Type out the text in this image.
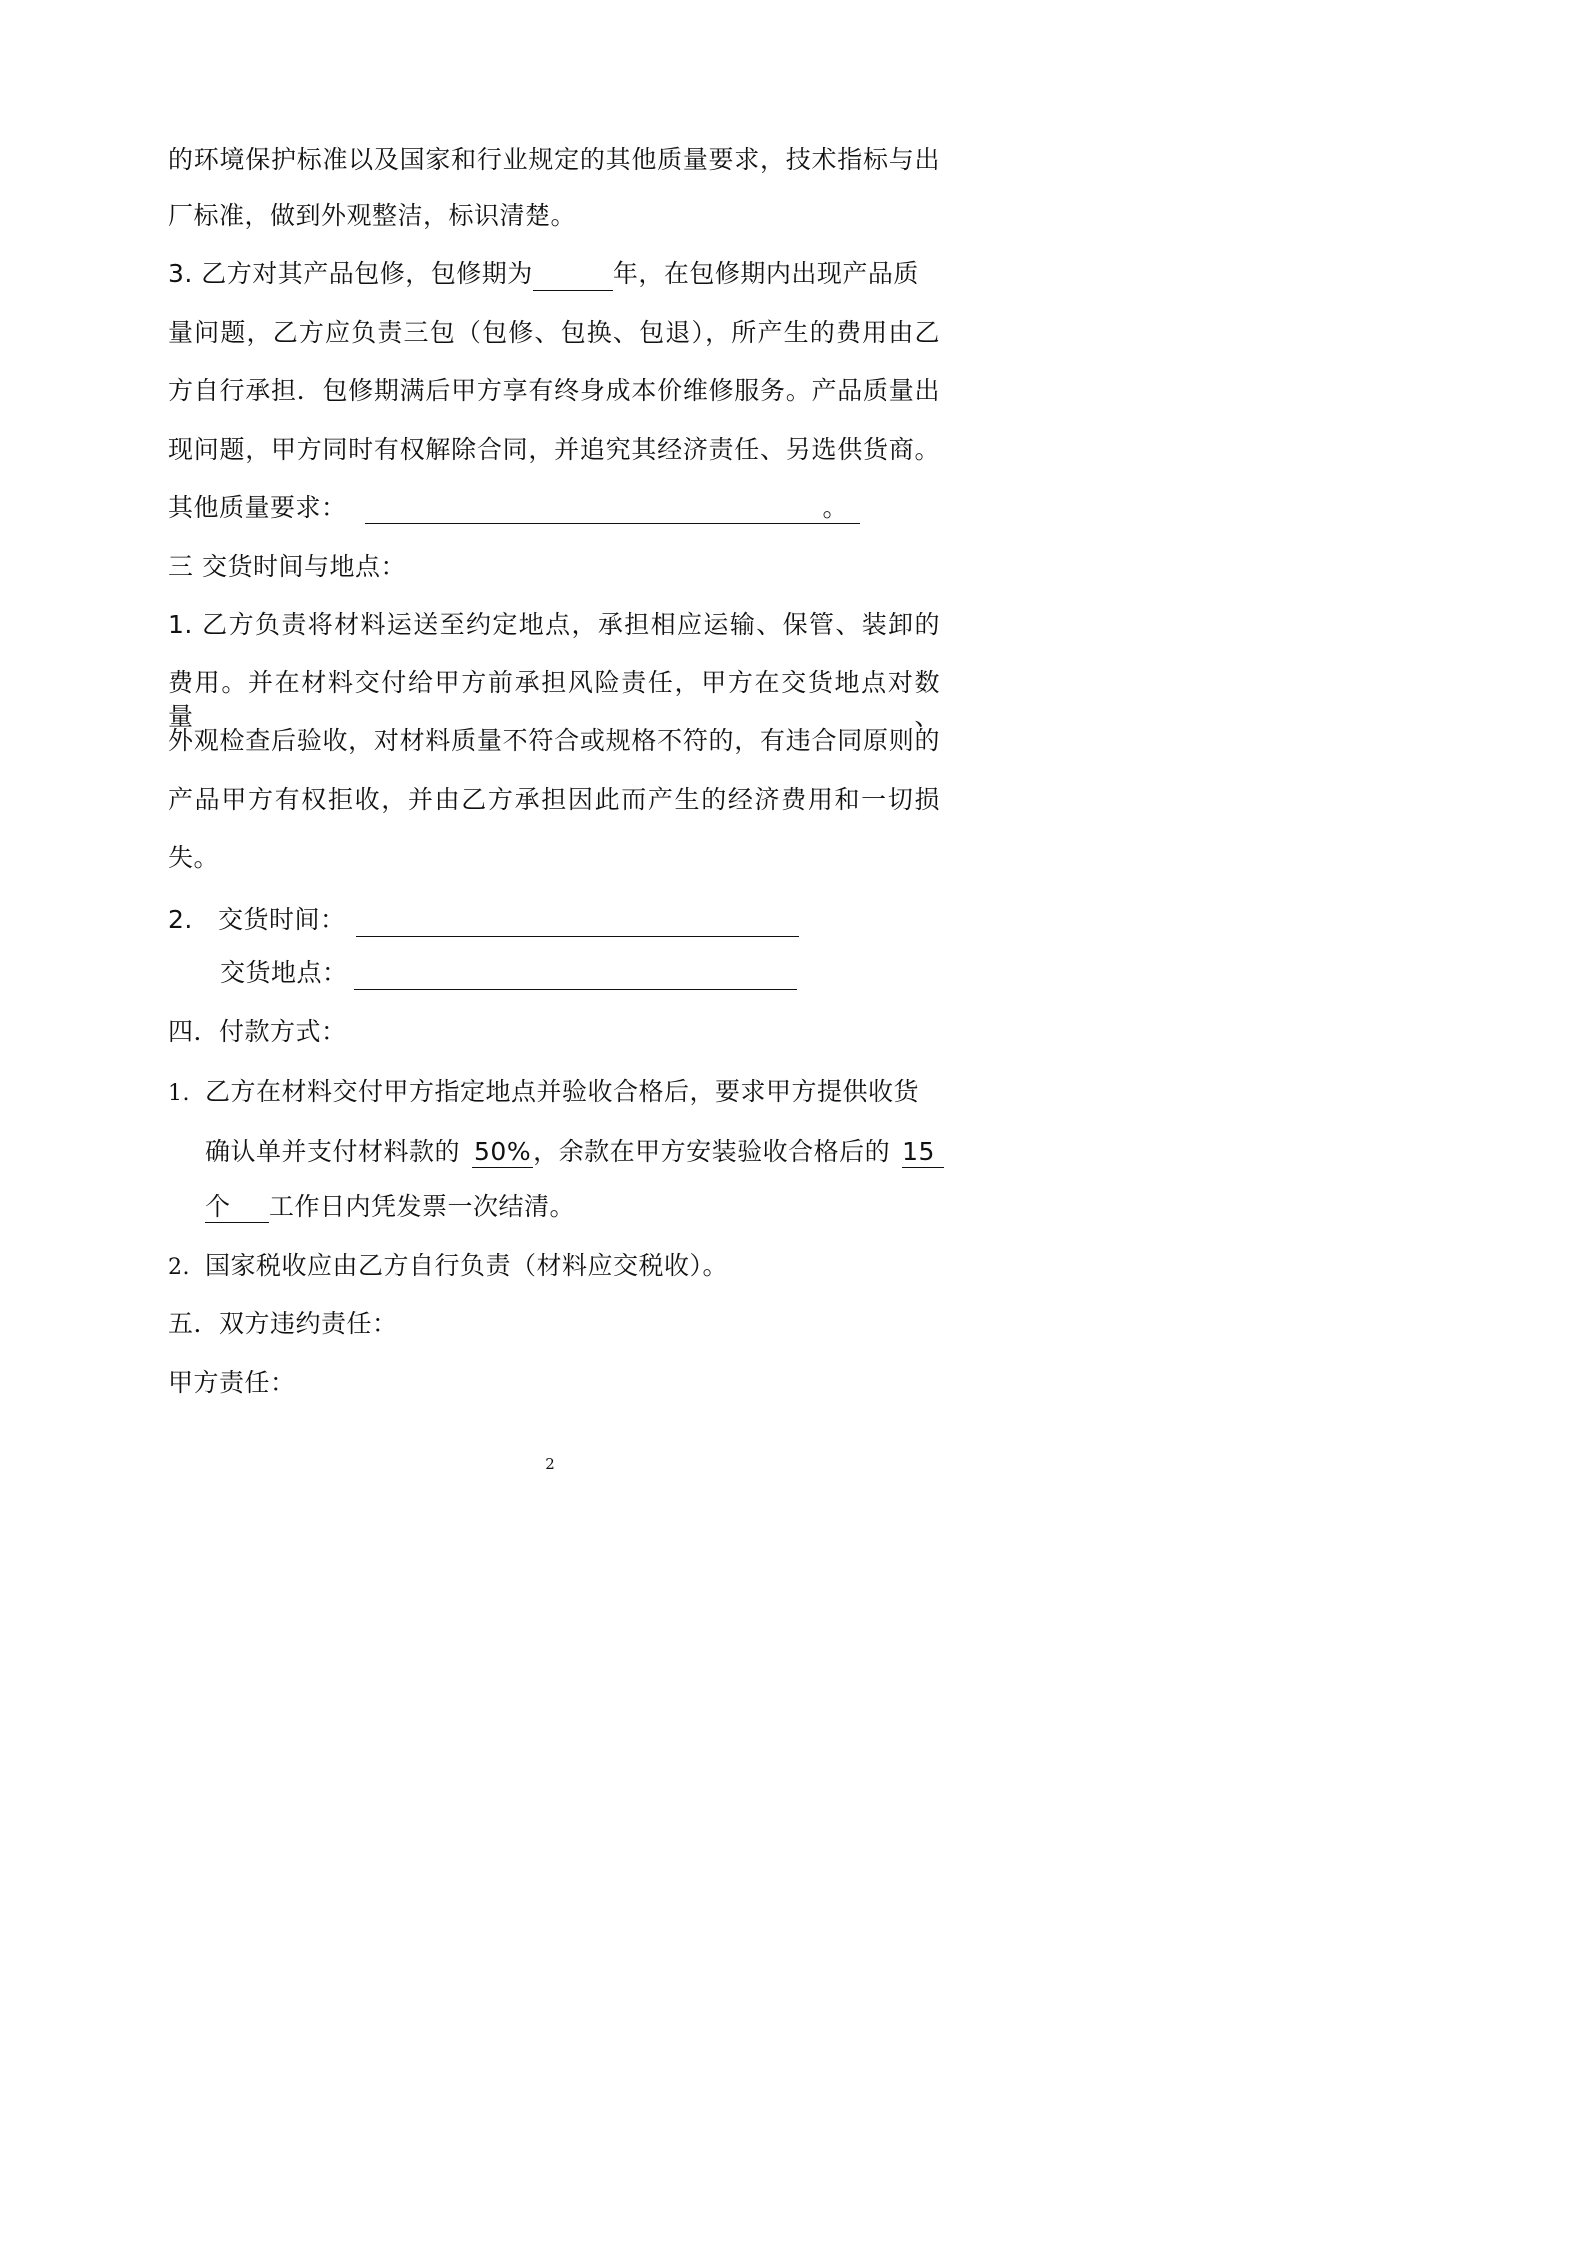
的环境保护标准以及国家和行业规定的其他质量要求，技术指标与出
厂标准，做到外观整洁，标识清楚。
3. 乙方对其产品包修，包修期为	年，在包修期内出现产品质
量问题，乙方应负责三包（包修、包换、包退），所产生的费用由乙
方自行承担．包修期满后甲方享有终身成本价维修服务。产品质量出
现问题，甲方同时有权解除合同，并追究其经济责任、另选供货商。
其他质量要求：	。
三 交货时间与地点：
1. 乙方负责将材料运送至约定地点，承担相应运输、保管、装卸的
费用。并在材料交付给甲方前承担风险责任，甲方在交货地点对数量、
外观检查后验收，对材料质量不符合或规格不符的，有违合同原则的
产品甲方有权拒收，并由乙方承担因此而产生的经济费用和一切损
失。
2. 交货时间：
交货地点：
四．付款方式：
1. 乙方在材料交付甲方指定地点并验收合格后，要求甲方提供收货
确认单并支付材料款的 50%，余款在甲方安装验收合格后的 15
个 工作日内凭发票一次结清。
2. 国家税收应由乙方自行负责（材料应交税收）。
五．双方违约责任：
甲方责任：
2
